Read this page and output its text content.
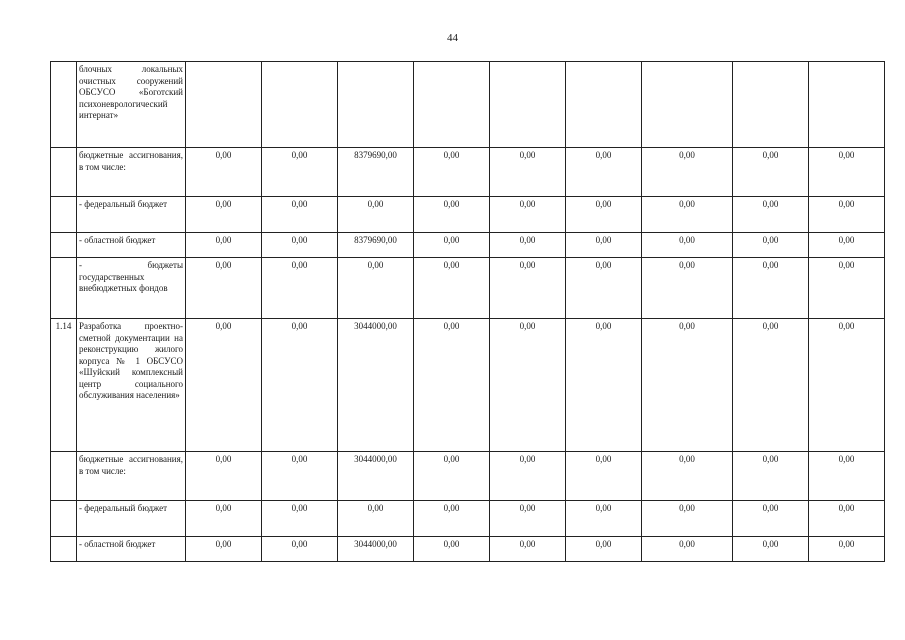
44
	блочных локальных очистных сооружений ОБСУСО «Боготский психоневрологический интернат»									
	бюджетные ассигнования, в том числе:	0,00	0,00	8379690,00	0,00	0,00	0,00	0,00	0,00	0,00
	- федеральный бюджет	0,00	0,00	0,00	0,00	0,00	0,00	0,00	0,00	0,00
	- областной бюджет	0,00	0,00	8379690,00	0,00	0,00	0,00	0,00	0,00	0,00
	- бюджеты государственных внебюджетных фондов	0,00	0,00	0,00	0,00	0,00	0,00	0,00	0,00	0,00
1.14	Разработка проектно-сметной документации на реконструкцию жилого корпуса № 1 ОБСУСО «Шуйский комплексный центр социального обслуживания населения»	0,00	0,00	3044000,00	0,00	0,00	0,00	0,00	0,00	0,00
	бюджетные ассигнования, в том числе:	0,00	0,00	3044000,00	0,00	0,00	0,00	0,00	0,00	0,00
	- федеральный бюджет	0,00	0,00	0,00	0,00	0,00	0,00	0,00	0,00	0,00
	- областной бюджет	0,00	0,00	3044000,00	0,00	0,00	0,00	0,00	0,00	0,00
